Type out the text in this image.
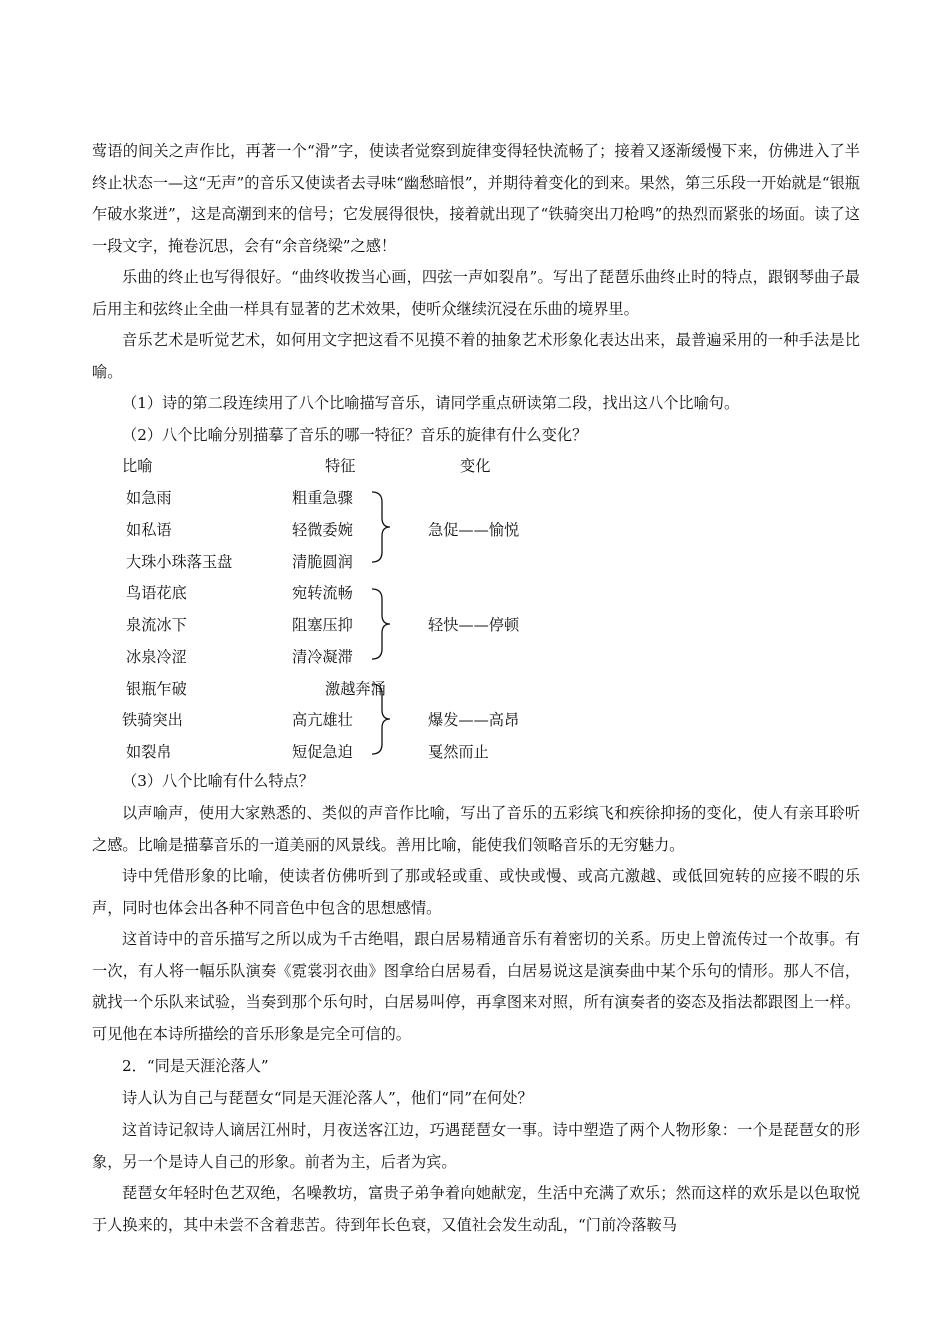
莺语的间关之声作比，再著一个“滑”字，使读者觉察到旋律变得轻快流畅了；接着又逐渐缓慢下来，仿佛进入了半终止状态一—这“无声”的音乐又使读者去寻味“幽愁暗恨”，并期待着变化的到来。果然，第三乐段一开始就是“银瓶乍破水浆迸”，这是高潮到来的信号；它发展得很快，接着就出现了“铁骑突出刀枪鸣”的热烈而紧张的场面。读了这一段文字，掩卷沉思，会有“余音绕梁”之感！

乐曲的终止也写得很好。“曲终收拨当心画，四弦一声如裂帛”。写出了琵琶乐曲终止时的特点，跟钢琴曲子最后用主和弦终止全曲一样具有显著的艺术效果，使听众继续沉浸在乐曲的境界里。

音乐艺术是听觉艺术，如何用文字把这看不见摸不着的抽象艺术形象化表达出来，最普遍采用的一种手法是比喻。

（1）诗的第二段连续用了八个比喻描写音乐，请同学重点研读第二段，找出这八个比喻句。

（2）八个比喻分别描摹了音乐的哪一特征？音乐的旋律有什么变化？

比喻	特征	变化
如急雨
如私语
大珠小珠落玉盘
鸟语花底
泉流冰下
冰泉冷涩
银瓶乍破
铁骑突出
如裂帛
粗重急骤
轻微委婉
清脆圆润
宛转流畅
阻塞压抑
清冷凝滞
激越奔涌
高亢雄壮
短促急迫
急促——愉悦
轻快——停顿
爆发——高昂
戛然而止

（3）八个比喻有什么特点？

以声喻声，使用大家熟悉的、类似的声音作比喻，写出了音乐的五彩缤飞和疾徐抑扬的变化，使人有亲耳聆听之感。比喻是描摹音乐的一道美丽的风景线。善用比喻，能使我们领略音乐的无穷魅力。

诗中凭借形象的比喻，使读者仿佛听到了那或轻或重、或快或慢、或高亢激越、或低回宛转的应接不暇的乐声，同时也体会出各种不同音色中包含的思想感情。

这首诗中的音乐描写之所以成为千古绝唱，跟白居易精通音乐有着密切的关系。历史上曾流传过一个故事。有一次，有人将一幅乐队演奏《霓裳羽衣曲》图拿给白居易看，白居易说这是演奏曲中某个乐句的情形。那人不信，就找一个乐队来试验，当奏到那个乐句时，白居易叫停，再拿图来对照，所有演奏者的姿态及指法都跟图上一样。可见他在本诗所描绘的音乐形象是完全可信的。

2．“同是天涯沦落人”

诗人认为自己与琵琶女“同是天涯沦落人”，他们“同”在何处？

这首诗记叙诗人谪居江州时，月夜送客江边，巧遇琵琶女一事。诗中塑造了两个人物形象：一个是琵琶女的形象，另一个是诗人自己的形象。前者为主，后者为宾。

琵琶女年轻时色艺双绝，名噪教坊，富贵子弟争着向她献宠，生活中充满了欢乐；然而这样的欢乐是以色取悦于人换来的，其中未尝不含着悲苦。待到年长色衰，又值社会发生动乱，“门前冷落鞍马
